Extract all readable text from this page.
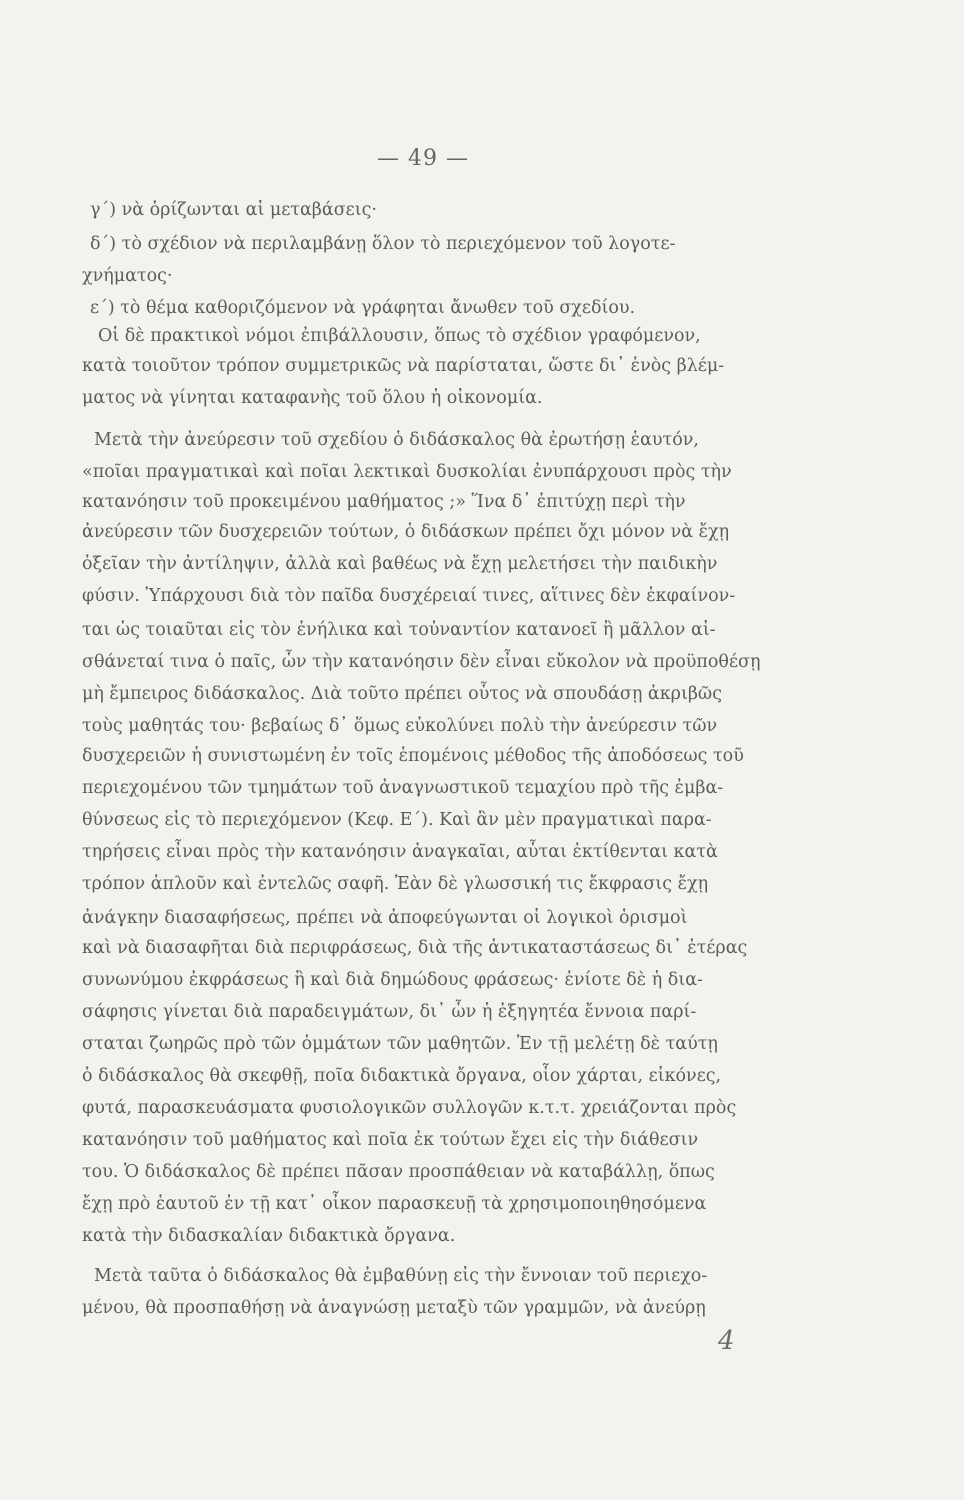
— 49 —
γ΄) νὰ ὁρίζωνται αἱ μεταβάσεις·
δ΄) τὸ σχέδιον νὰ περιλαμβάνῃ ὅλον τὸ περιεχόμενον τοῦ λογοτε-
χνήματος·
ε΄) τὸ θέμα καθοριζόμενον νὰ γράφηται ἄνωθεν τοῦ σχεδίου.
Οἱ δὲ πρακτικοὶ νόμοι ἐπιβάλλουσιν, ὅπως τὸ σχέδιον γραφόμενον,
κατὰ τοιοῦτον τρόπον συμμετρικῶς νὰ παρίσταται, ὥστε δι᾽ ἑνὸς βλέμ-
ματος νὰ γίνηται καταφανὴς τοῦ ὅλου ἡ οἰκονομία.
Μετὰ τὴν ἀνεύρεσιν τοῦ σχεδίου ὁ διδάσκαλος θὰ ἐρωτήσῃ ἑαυτόν,
«ποῖαι πραγματικαὶ καὶ ποῖαι λεκτικαὶ δυσκολίαι ἐνυπάρχουσι πρὸς τὴν
κατανόησιν τοῦ προκειμένου μαθήματος ;» Ἵνα δ᾽ ἐπιτύχῃ περὶ τὴν
ἀνεύρεσιν τῶν δυσχερειῶν τούτων, ὁ διδάσκων πρέπει ὄχι μόνον νὰ ἔχῃ
ὀξεῖαν τὴν ἀντίληψιν, ἀλλὰ καὶ βαθέως νὰ ἔχῃ μελετήσει τὴν παιδικὴν
φύσιν. Ὑπάρχουσι διὰ τὸν παῖδα δυσχέρειαί τινες, αἵτινες δὲν ἐκφαίνον-
ται ὡς τοιαῦται εἰς τὸν ἐνήλικα καὶ τοὐναντίον κατανοεῖ ἢ μᾶλλον αἰ-
σθάνεταί τινα ὁ παῖς, ὧν τὴν κατανόησιν δὲν εἶναι εὔκολον νὰ προϋποθέσῃ
μὴ ἔμπειρος διδάσκαλος. Διὰ τοῦτο πρέπει οὗτος νὰ σπουδάσῃ ἀκριβῶς
τοὺς μαθητάς του· βεβαίως δ᾽ ὅμως εὐκολύνει πολὺ τὴν ἀνεύρεσιν τῶν
δυσχερειῶν ἡ συνιστωμένη ἐν τοῖς ἑπομένοις μέθοδος τῆς ἀποδόσεως τοῦ
περιεχομένου τῶν τμημάτων τοῦ ἀναγνωστικοῦ τεμαχίου πρὸ τῆς ἐμβα-
θύνσεως εἰς τὸ περιεχόμενον (Κεφ. Ε΄). Καὶ ἂν μὲν πραγματικαὶ παρα-
τηρήσεις εἶναι πρὸς τὴν κατανόησιν ἀναγκαῖαι, αὗται ἐκτίθενται κατὰ
τρόπον ἁπλοῦν καὶ ἐντελῶς σαφῆ. Ἐὰν δὲ γλωσσική τις ἔκφρασις ἔχῃ
ἀνάγκην διασαφήσεως, πρέπει νὰ ἀποφεύγωνται οἱ λογικοὶ ὁρισμοὶ
καὶ νὰ διασαφῆται διὰ περιφράσεως, διὰ τῆς ἀντικαταστάσεως δι᾽ ἑτέρας
συνωνύμου ἐκφράσεως ἢ καὶ διὰ δημώδους φράσεως· ἐνίοτε δὲ ἡ δια-
σάφησις γίνεται διὰ παραδειγμάτων, δι᾽ ὧν ἡ ἐξηγητέα ἔννοια παρί-
σταται ζωηρῶς πρὸ τῶν ὀμμάτων τῶν μαθητῶν. Ἐν τῇ μελέτῃ δὲ ταύτῃ
ὁ διδάσκαλος θὰ σκεφθῇ, ποῖα διδακτικὰ ὄργανα, οἷον χάρται, εἰκόνες,
φυτά, παρασκευάσματα φυσιολογικῶν συλλογῶν κ.τ.τ. χρειάζονται πρὸς
κατανόησιν τοῦ μαθήματος καὶ ποῖα ἐκ τούτων ἔχει εἰς τὴν διάθεσιν
του. Ὁ διδάσκαλος δὲ πρέπει πᾶσαν προσπάθειαν νὰ καταβάλλῃ, ὅπως
ἔχῃ πρὸ ἑαυτοῦ ἐν τῇ κατ᾽ οἶκον παρασκευῇ τὰ χρησιμοποιηθησόμενα
κατὰ τὴν διδασκαλίαν διδακτικὰ ὄργανα.
Μετὰ ταῦτα ὁ διδάσκαλος θὰ ἐμβαθύνῃ εἰς τὴν ἔννοιαν τοῦ περιεχο-
μένου, θὰ προσπαθήσῃ νὰ ἀναγνώσῃ μεταξὺ τῶν γραμμῶν, νὰ ἀνεύρῃ
4
